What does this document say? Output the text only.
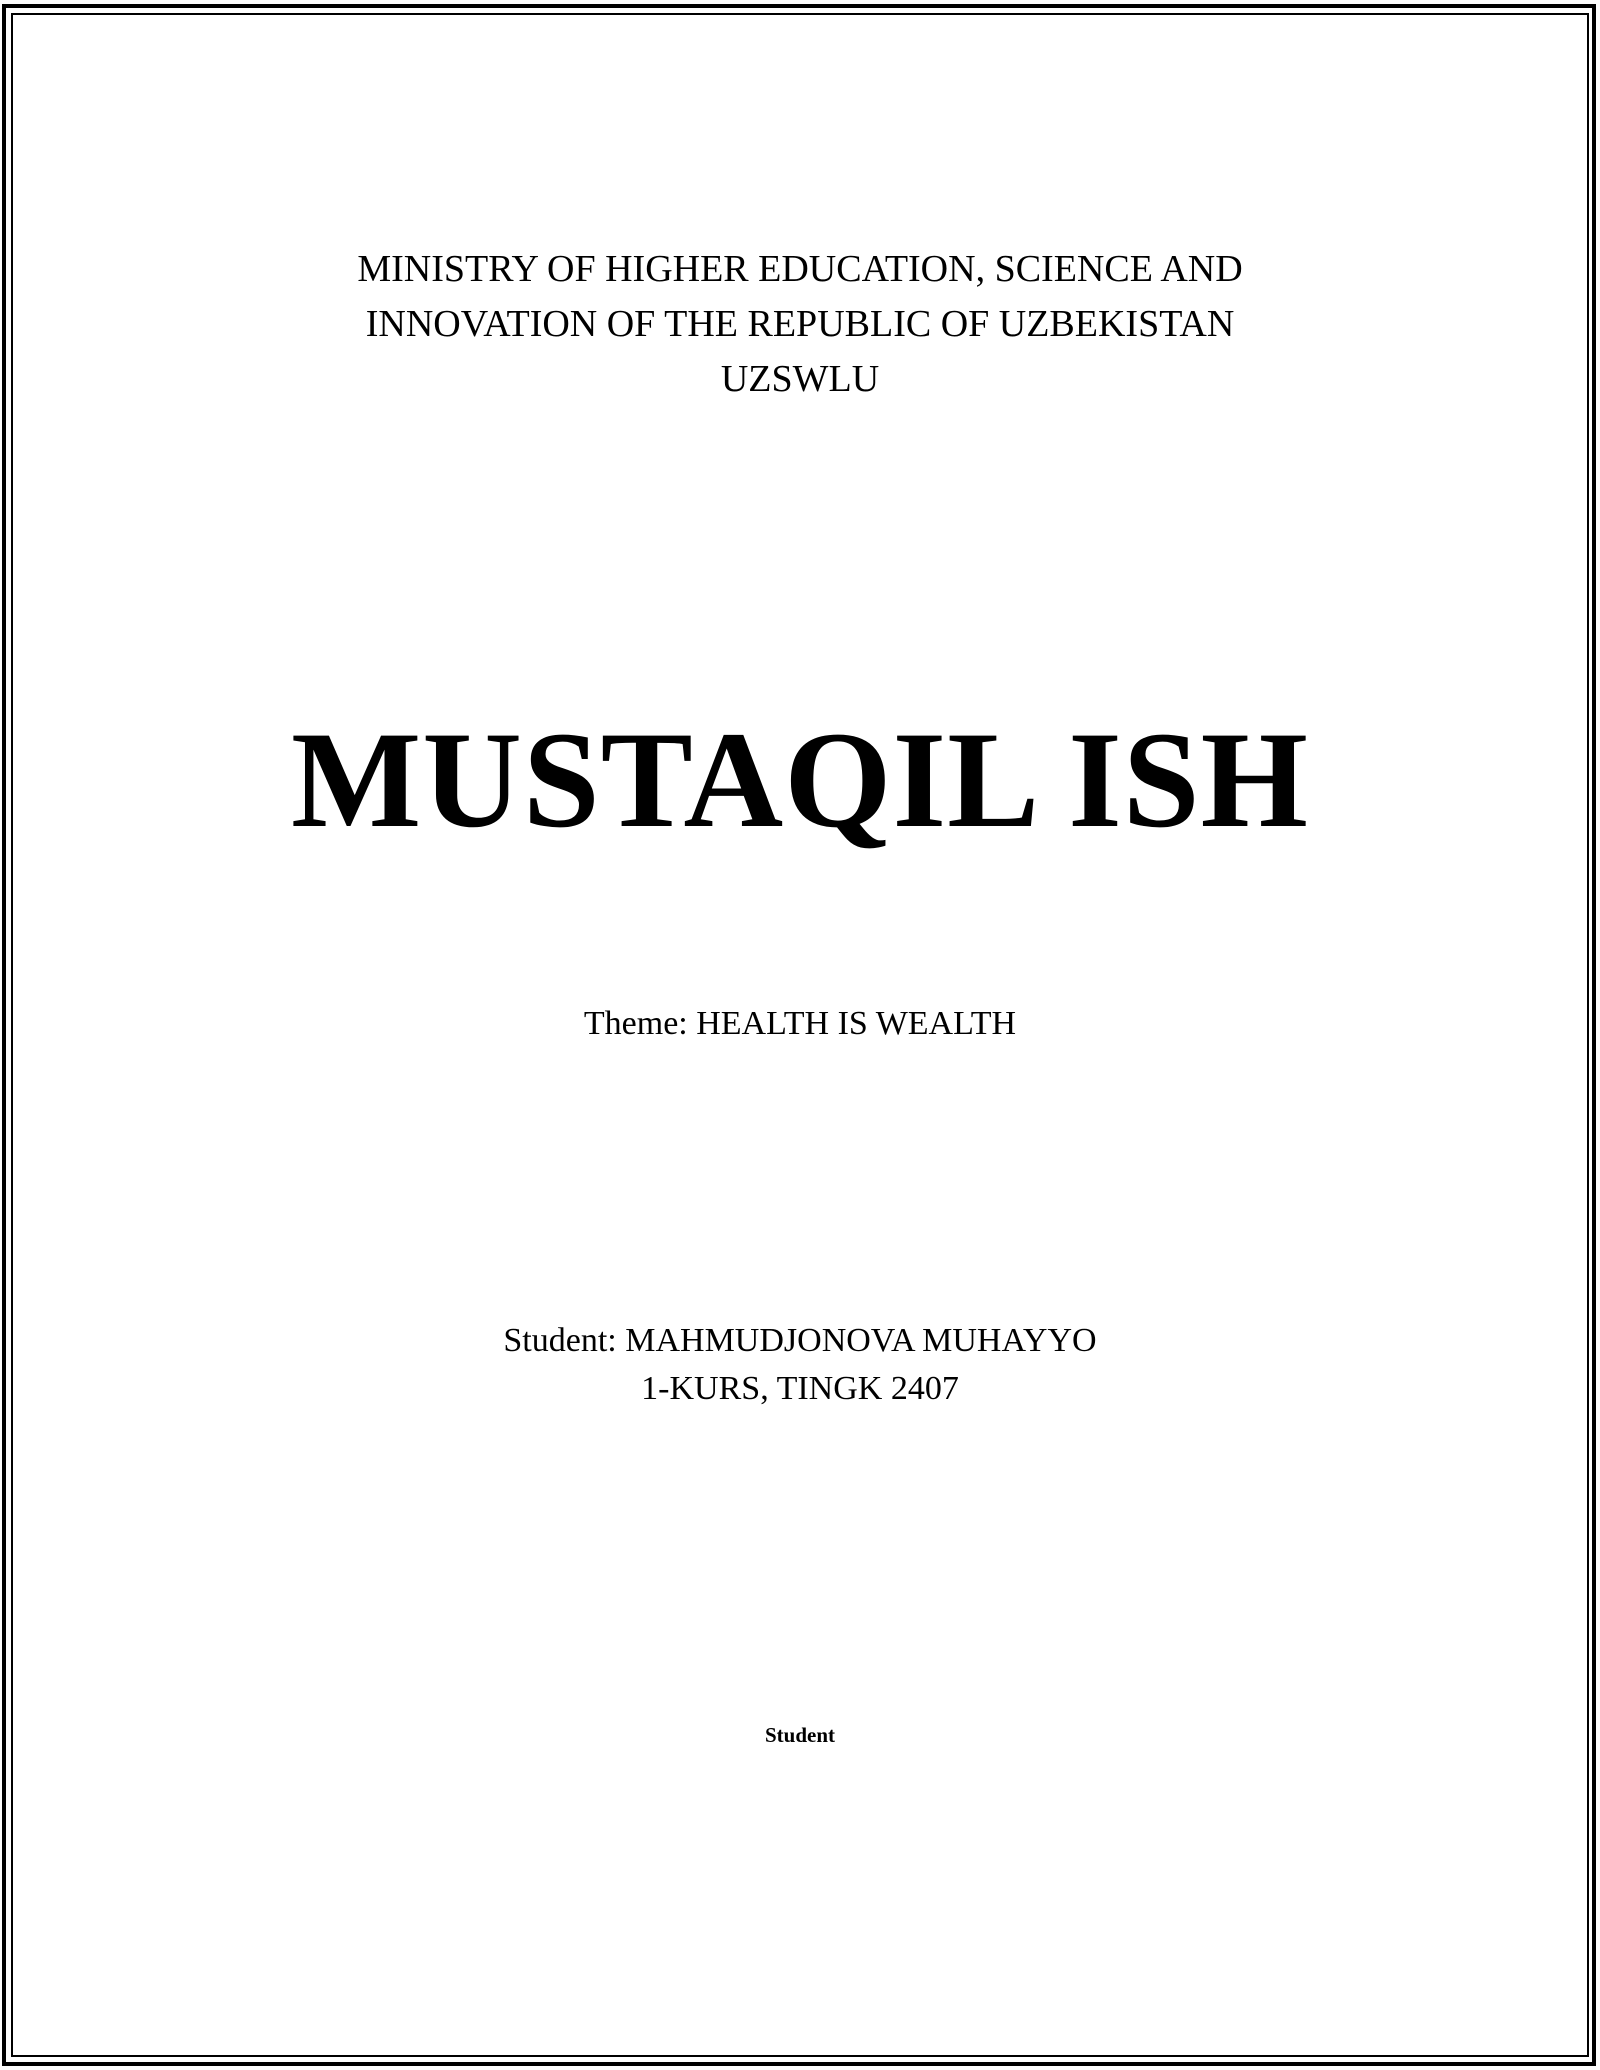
MINISTRY OF HIGHER EDUCATION, SCIENCE AND

INNOVATION OF THE REPUBLIC OF UZBEKISTAN

UZSWLU

MUSTAQIL ISH

Theme: HEALTH IS WEALTH

Student: MAHMUDJONOVA MUHAYYO

1-KURS, TINGK 2407

Student
